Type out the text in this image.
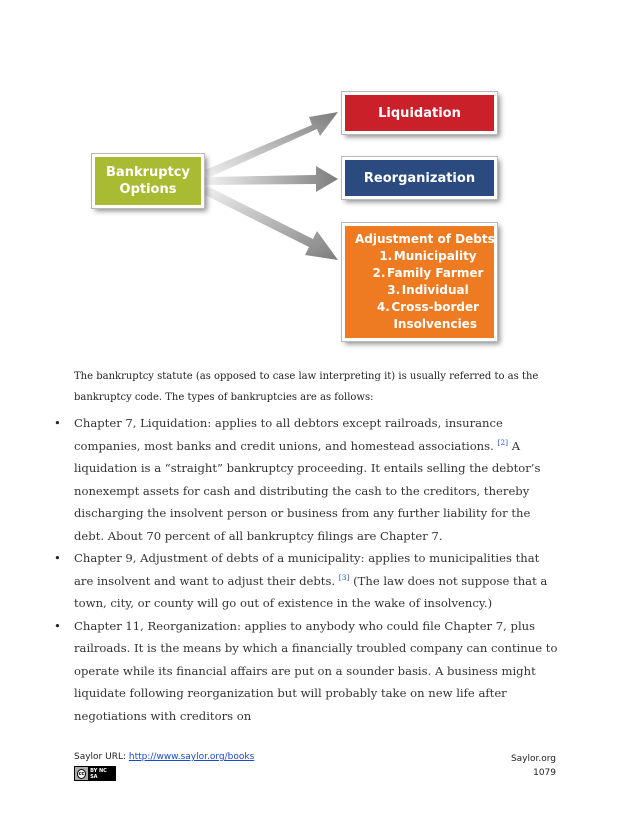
Bankruptcy
Options
Liquidation
Reorganization
Adjustment of Debts
1. Municipality
2. Family Farmer
3. Individual
4. Cross-border
Insolvencies
The bankruptcy statute (as opposed to case law interpreting it) is usually referred to as the
bankruptcy code. The types of bankruptcies are as follows:
• Chapter 7, Liquidation: applies to all debtors except railroads, insurance companies, most banks and credit unions, and homestead associations. [2] A liquidation is a “straight” bankruptcy proceeding. It entails selling the debtor’s nonexempt assets for cash and distributing the cash to the creditors, thereby discharging the insolvent person or business from any further liability for the debt. About 70 percent of all bankruptcy filings are Chapter 7.
• Chapter 9, Adjustment of debts of a municipality: applies to municipalities that are insolvent and want to adjust their debts. [3] (The law does not suppose that a town, city, or county will go out of existence in the wake of insolvency.)
• Chapter 11, Reorganization: applies to anybody who could file Chapter 7, plus railroads. It is the means by which a financially troubled company can continue to operate while its financial affairs are put on a sounder basis. A business might liquidate following reorganization but will probably take on new life after negotiations with creditors on
Saylor URL: http://www.saylor.org/books
cc	BY NC SA
Saylor.org
1079
